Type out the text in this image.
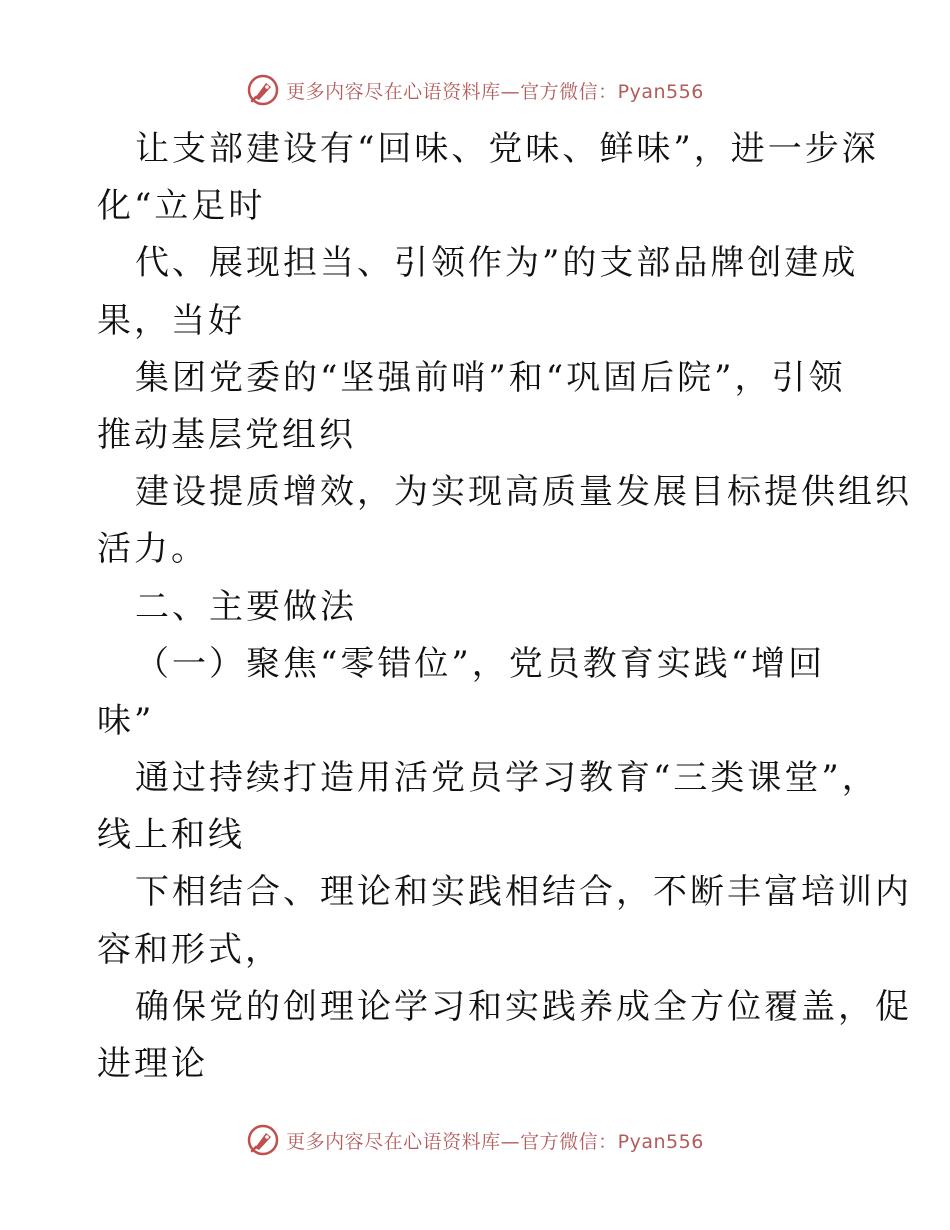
更多内容尽在心语资料库—官方微信：Pyan556
让支部建设有“回味、党味、鲜味”，进一步深
化“立足时
代、展现担当、引领作为”的支部品牌创建成
果，当好
集团党委的“坚强前哨”和“巩固后院”，引领
推动基层党组织
建设提质增效，为实现高质量发展目标提供组织
活力。
二、主要做法
（一）聚焦“零错位”，党员教育实践“增回
味”
通过持续打造用活党员学习教育“三类课堂”，
线上和线
下相结合、理论和实践相结合，不断丰富培训内
容和形式，
确保党的创理论学习和实践养成全方位覆盖，促
进理论
更多内容尽在心语资料库—官方微信：Pyan556
